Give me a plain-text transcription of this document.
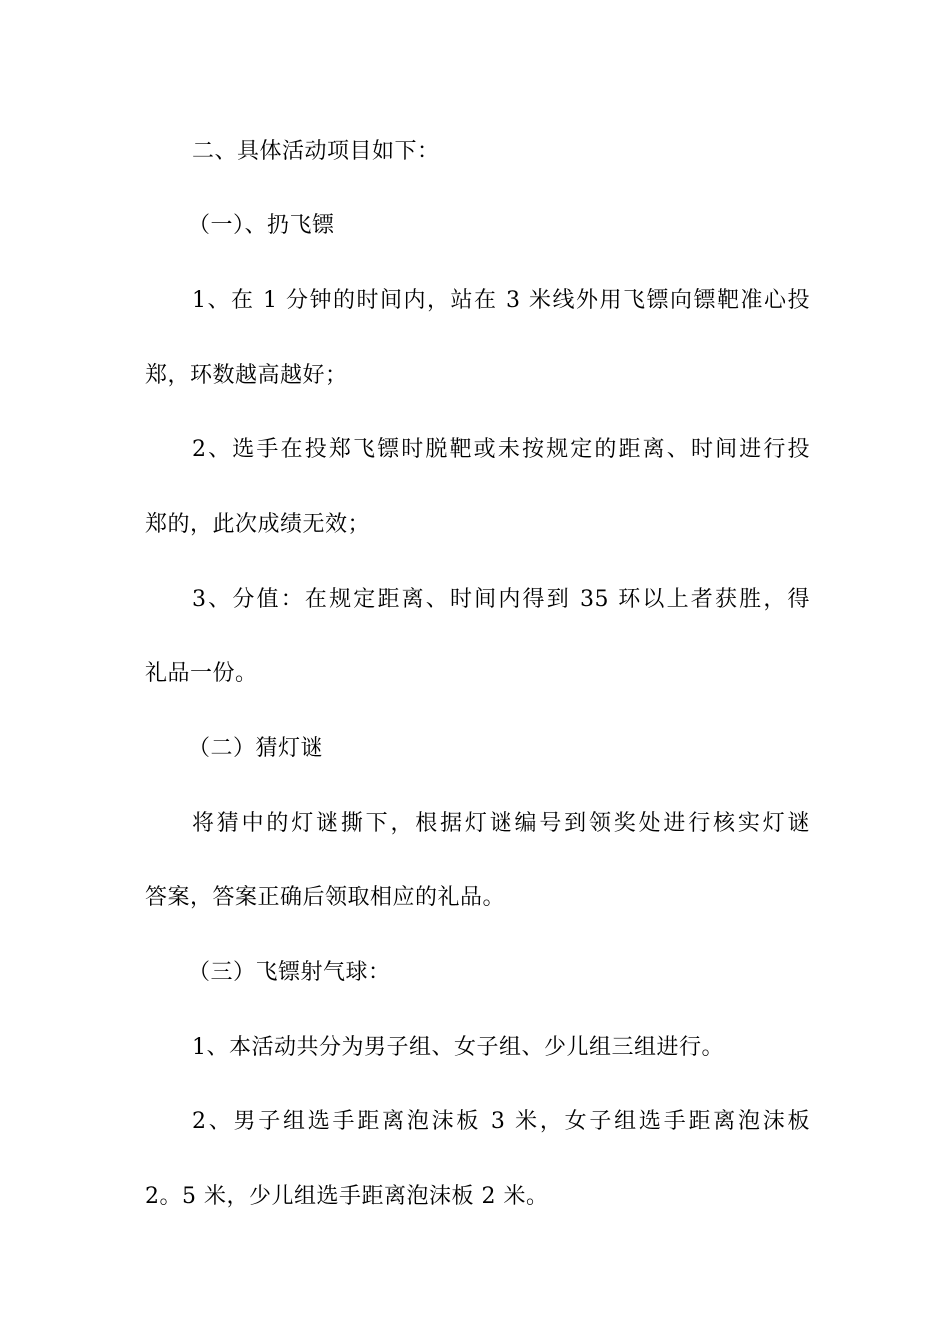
二、具体活动项目如下：
（一）、扔飞镖
1、在 1 分钟的时间内，站在 3 米线外用飞镖向镖靶准心投
郑，环数越高越好；
2、选手在投郑飞镖时脱靶或未按规定的距离、时间进行投
郑的，此次成绩无效；
3、分值：在规定距离、时间内得到 35 环以上者获胜，得
礼品一份。
（二）猜灯谜
将猜中的灯谜撕下，根据灯谜编号到领奖处进行核实灯谜
答案，答案正确后领取相应的礼品。
（三）飞镖射气球：
1、本活动共分为男子组、女子组、少儿组三组进行。
2、男子组选手距离泡沫板 3 米，女子组选手距离泡沫板
2。5 米，少儿组选手距离泡沫板 2 米。
